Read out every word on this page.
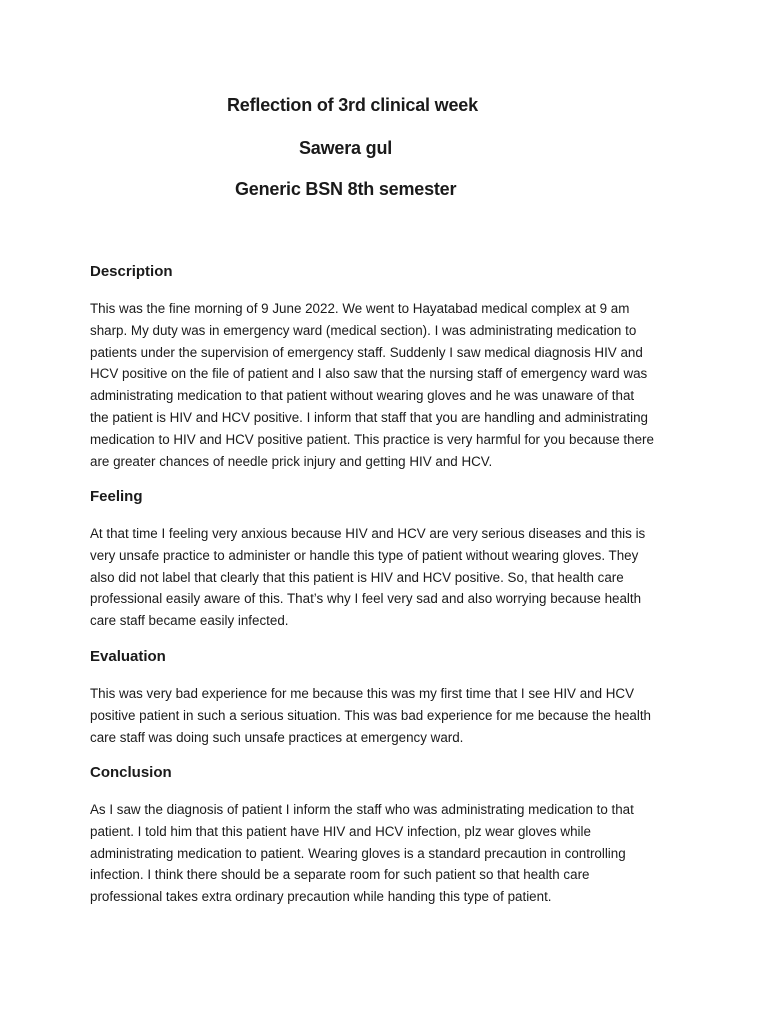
Reflection of 3rd clinical week
Sawera gul
Generic BSN 8th semester
Description

This was the fine morning of 9 June 2022. We went to Hayatabad medical complex at 9 am
sharp. My duty was in emergency ward (medical section). I was administrating medication to
patients under the supervision of emergency staff. Suddenly I saw medical diagnosis HIV and
HCV positive on the file of patient and I also saw that the nursing staff of emergency ward was
administrating medication to that patient without wearing gloves and he was unaware of that
the patient is HIV and HCV positive. I inform that staff that you are handling and administrating
medication to HIV and HCV positive patient. This practice is very harmful for you because there
are greater chances of needle prick injury and getting HIV and HCV.

Feeling

At that time I feeling very anxious because HIV and HCV are very serious diseases and this is
very unsafe practice to administer or handle this type of patient without wearing gloves. They
also did not label that clearly that this patient is HIV and HCV positive. So, that health care
professional easily aware of this. That’s why I feel very sad and also worrying because health
care staff became easily infected.

Evaluation

This was very bad experience for me because this was my first time that I see HIV and HCV
positive patient in such a serious situation. This was bad experience for me because the health
care staff was doing such unsafe practices at emergency ward.

Conclusion

As I saw the diagnosis of patient I inform the staff who was administrating medication to that
patient. I told him that this patient have HIV and HCV infection, plz wear gloves while
administrating medication to patient. Wearing gloves is a standard precaution in controlling
infection. I think there should be a separate room for such patient so that health care
professional takes extra ordinary precaution while handing this type of patient.
